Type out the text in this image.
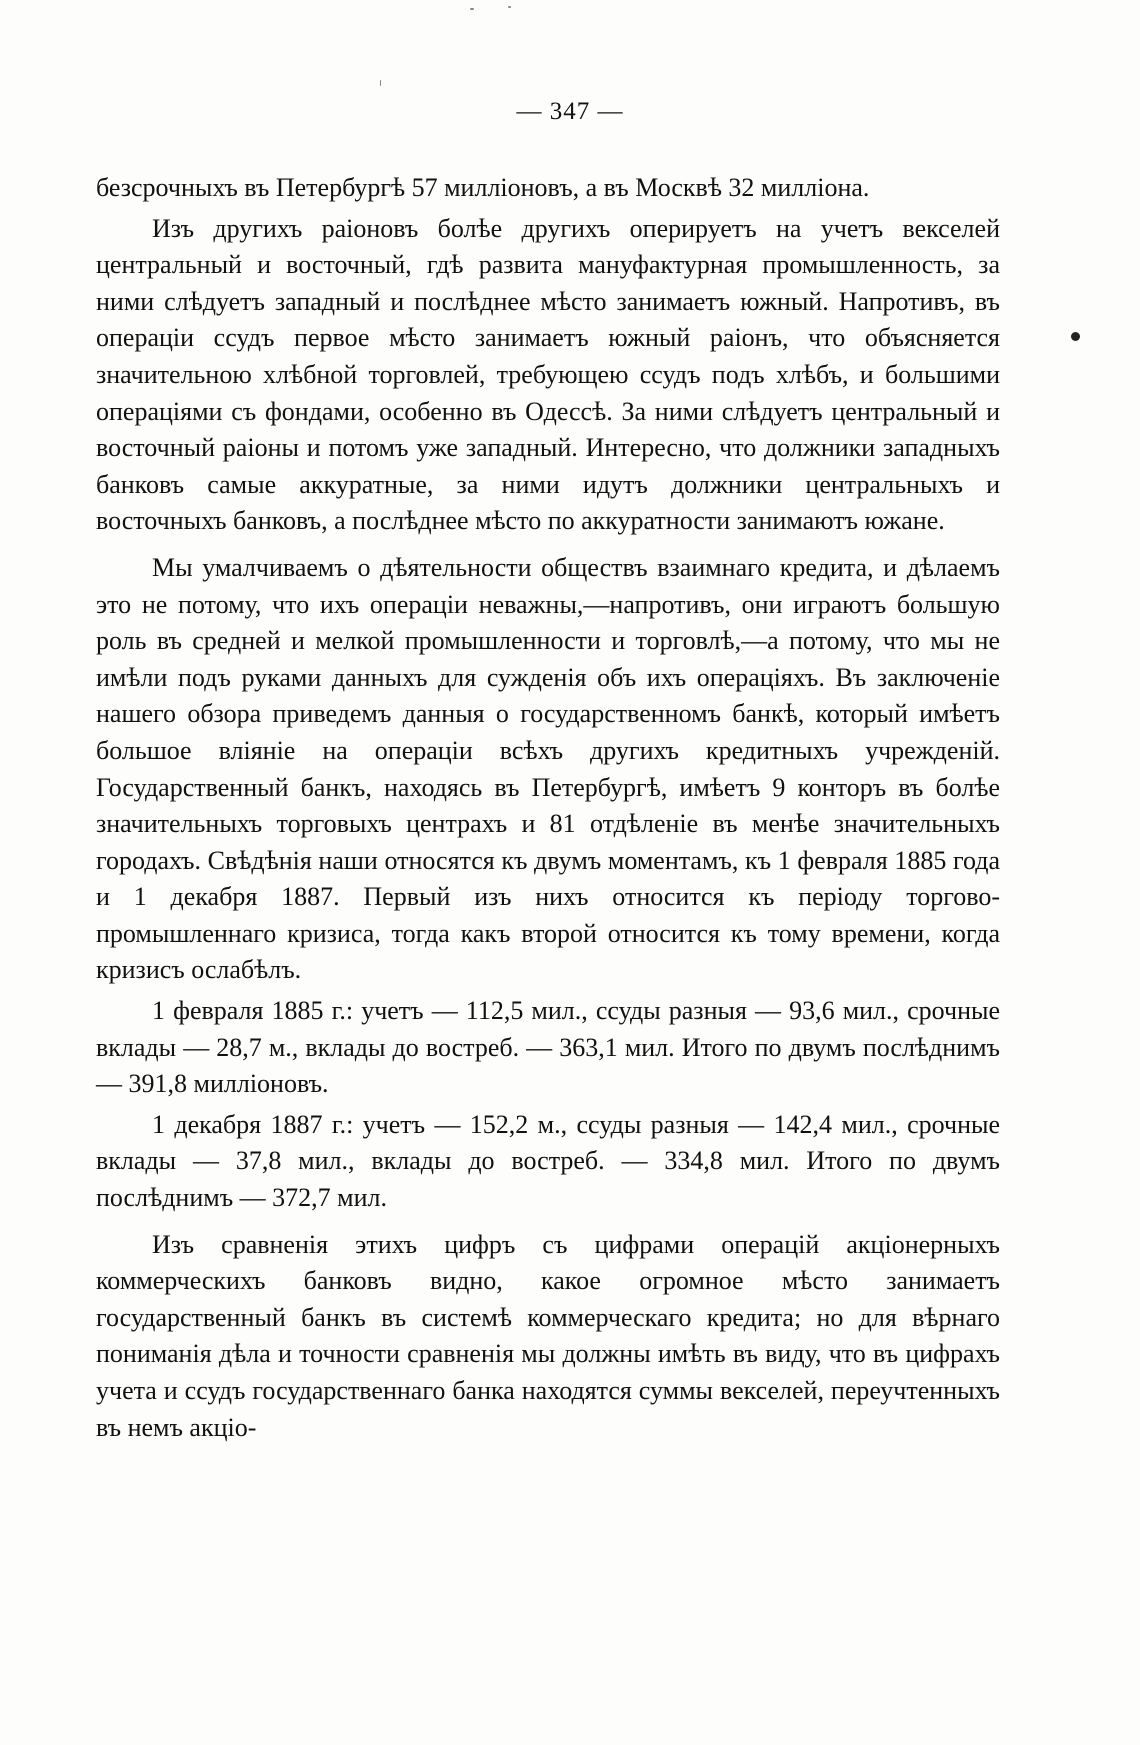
— 347 —

безсрочныхъ въ Петербургѣ 57 милліоновъ, а въ Москвѣ 32 милліона.

Изъ другихъ раіоновъ болѣе другихъ оперируетъ на учетъ векселей центральный и восточный, гдѣ развита мануфактурная промышленность, за ними слѣдуетъ западный и послѣднее мѣсто занимаетъ южный. Напротивъ, въ операціи ссудъ первое мѣсто занимаетъ южный раіонъ, что объясняется значительною хлѣбной торговлей, требующею ссудъ подъ хлѣбъ, и большими операціями съ фондами, особенно въ Одессѣ. За ними слѣдуетъ центральный и восточный раіоны и потомъ уже западный. Интересно, что должники западныхъ банковъ самые аккуратные, за ними идутъ должники центральныхъ и восточныхъ банковъ, а послѣднее мѣсто по аккуратности занимаютъ южане.

Мы умалчиваемъ о дѣятельности обществъ взаимнаго кредита, и дѣлаемъ это не потому, что ихъ операціи неважны,—напротивъ, они играютъ большую роль въ средней и мелкой промышленности и торговлѣ,—а потому, что мы не имѣли подъ руками данныхъ для сужденія объ ихъ операціяхъ. Въ заключеніе нашего обзора приведемъ данныя о государственномъ банкѣ, который имѣетъ большое вліяніе на операціи всѣхъ другихъ кредитныхъ учрежденій. Государственный банкъ, находясь въ Петербургѣ, имѣетъ 9 конторъ въ болѣе значительныхъ торговыхъ центрахъ и 81 отдѣленіе въ менѣе значительныхъ городахъ. Свѣдѣнія наши относятся къ двумъ моментамъ, къ 1 февраля 1885 года и 1 декабря 1887. Первый изъ нихъ относится къ періоду торгово-промышленнаго кризиса, тогда какъ второй относится къ тому времени, когда кризисъ ослабѣлъ.

1 февраля 1885 г.: учетъ — 112,5 мил., ссуды разныя — 93,6 мил., срочные вклады — 28,7 м., вклады до востреб. — 363,1 мил. Итого по двумъ послѣднимъ — 391,8 милліоновъ.

1 декабря 1887 г.: учетъ — 152,2 м., ссуды разныя — 142,4 мил., срочные вклады — 37,8 мил., вклады до востреб. — 334,8 мил. Итого по двумъ послѣднимъ — 372,7 мил.

Изъ сравненія этихъ цифръ съ цифрами операцій акціонерныхъ коммерческихъ банковъ видно, какое огромное мѣсто занимаетъ государственный банкъ въ системѣ коммерческаго кредита; но для вѣрнаго пониманія дѣла и точности сравненія мы должны имѣть въ виду, что въ цифрахъ учета и ссудъ государственнаго банка находятся суммы векселей, переучтенныхъ въ немъ акціо-
